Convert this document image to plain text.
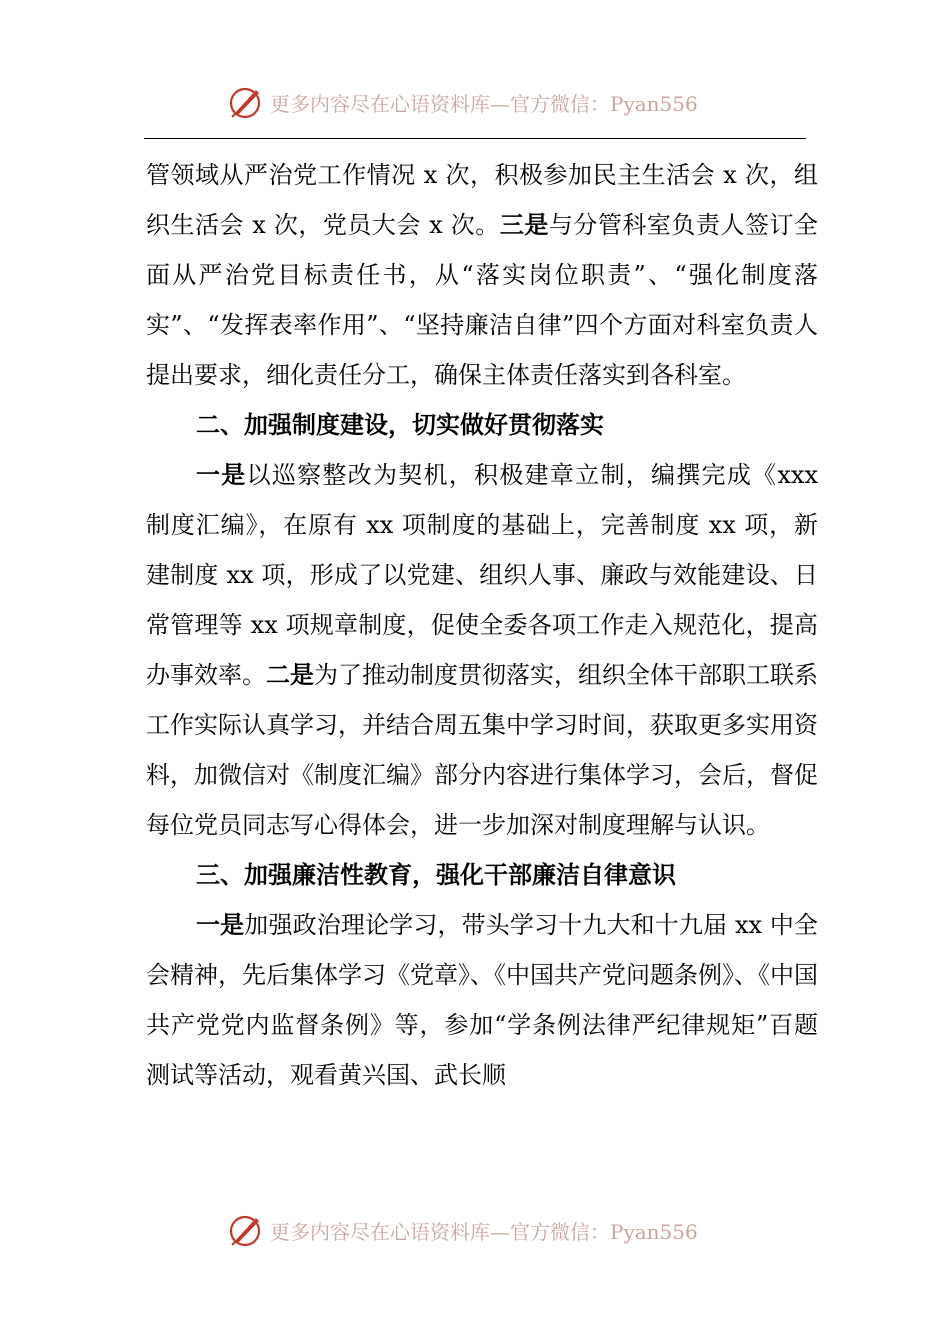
更多内容尽在心语资料库—官方微信：Pyan556

管领域从严治党工作情况 x 次，积极参加民主生活会 x 次，组织生活会 x 次，党员大会 x 次。三是与分管科室负责人签订全面从严治党目标责任书，从“落实岗位职责”、“强化制度落实”、“发挥表率作用”、“坚持廉洁自律”四个方面对科室负责人提出要求，细化责任分工，确保主体责任落实到各科室。

二、加强制度建设，切实做好贯彻落实

一是以巡察整改为契机，积极建章立制，编撰完成《xxx 制度汇编》，在原有 xx 项制度的基础上，完善制度 xx 项，新建制度 xx 项，形成了以党建、组织人事、廉政与效能建设、日常管理等 xx 项规章制度，促使全委各项工作走入规范化，提高办事效率。二是为了推动制度贯彻落实，组织全体干部职工联系工作实际认真学习，并结合周五集中学习时间，获取更多实用资料，加微信对《制度汇编》部分内容进行集体学习，会后，督促每位党员同志写心得体会，进一步加深对制度理解与认识。

三、加强廉洁性教育，强化干部廉洁自律意识

一是加强政治理论学习，带头学习十九大和十九届 xx 中全会精神，先后集体学习《党章》、《中国共产党问题条例》、《中国共产党党内监督条例》等，参加“学条例法律严纪律规矩”百题测试等活动，观看黄兴国、武长顺

更多内容尽在心语资料库—官方微信：Pyan556
